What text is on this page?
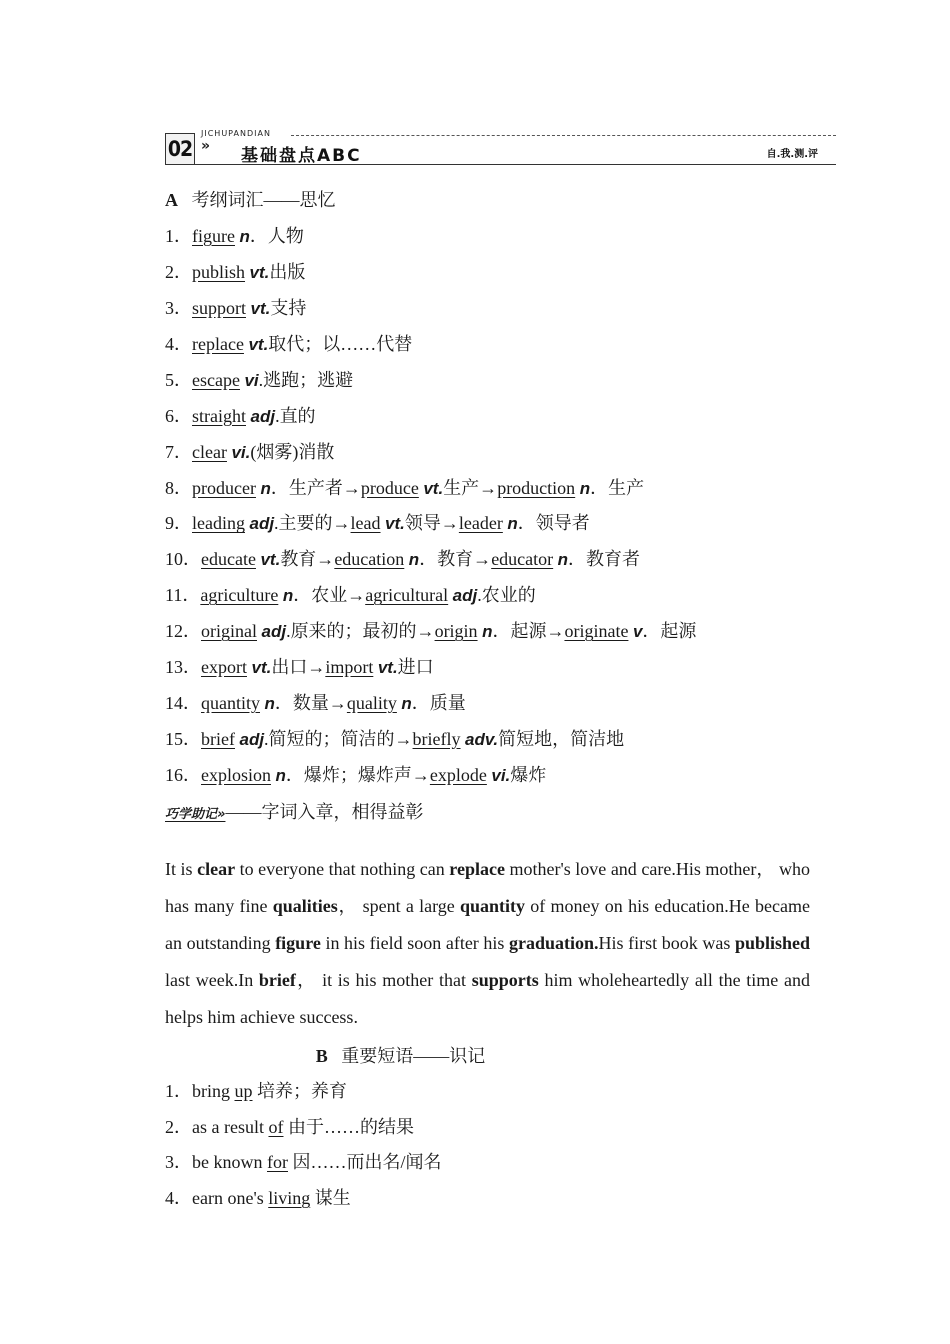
02
JICHUPANDIAN
» 基础盘点ABC	自.我.测.评
A 考纲词汇——思忆
1．figure n．人物
2．publish vt.出版
3．support vt.支持
4．replace vt.取代；以……代替
5．escape vi.逃跑；逃避
6．straight adj.直的
7．clear vi.(烟雾)消散
8．producer n．生产者→produce vt.生产→production n．生产
9．leading adj.主要的→lead vt.领导→leader n．领导者
10．educate vt.教育→education n．教育→educator n．教育者
11．agriculture n．农业→agricultural adj.农业的
12．original adj.原来的；最初的→origin n．起源→originate v．起源
13．export vt.出口→import vt.进口
14．quantity n．数量→quality n．质量
15．brief adj.简短的；简洁的→briefly adv.简短地，简洁地
16．explosion n．爆炸；爆炸声→explode vi.爆炸
巧学助记»——字词入章，相得益彰
It is clear to everyone that nothing can replace mother's love and care.His mother， who has many fine qualities， spent a large quantity of money on his education.He became an outstanding figure in his field soon after his graduation.His first book was published last week.In brief， it is his mother that supports him wholeheartedly all the time and helps him achieve success.
B 重要短语——识记
1．bring up 培养；养育
2．as a result of 由于……的结果
3．be known for 因……而出名/闻名
4．earn one's living 谋生
